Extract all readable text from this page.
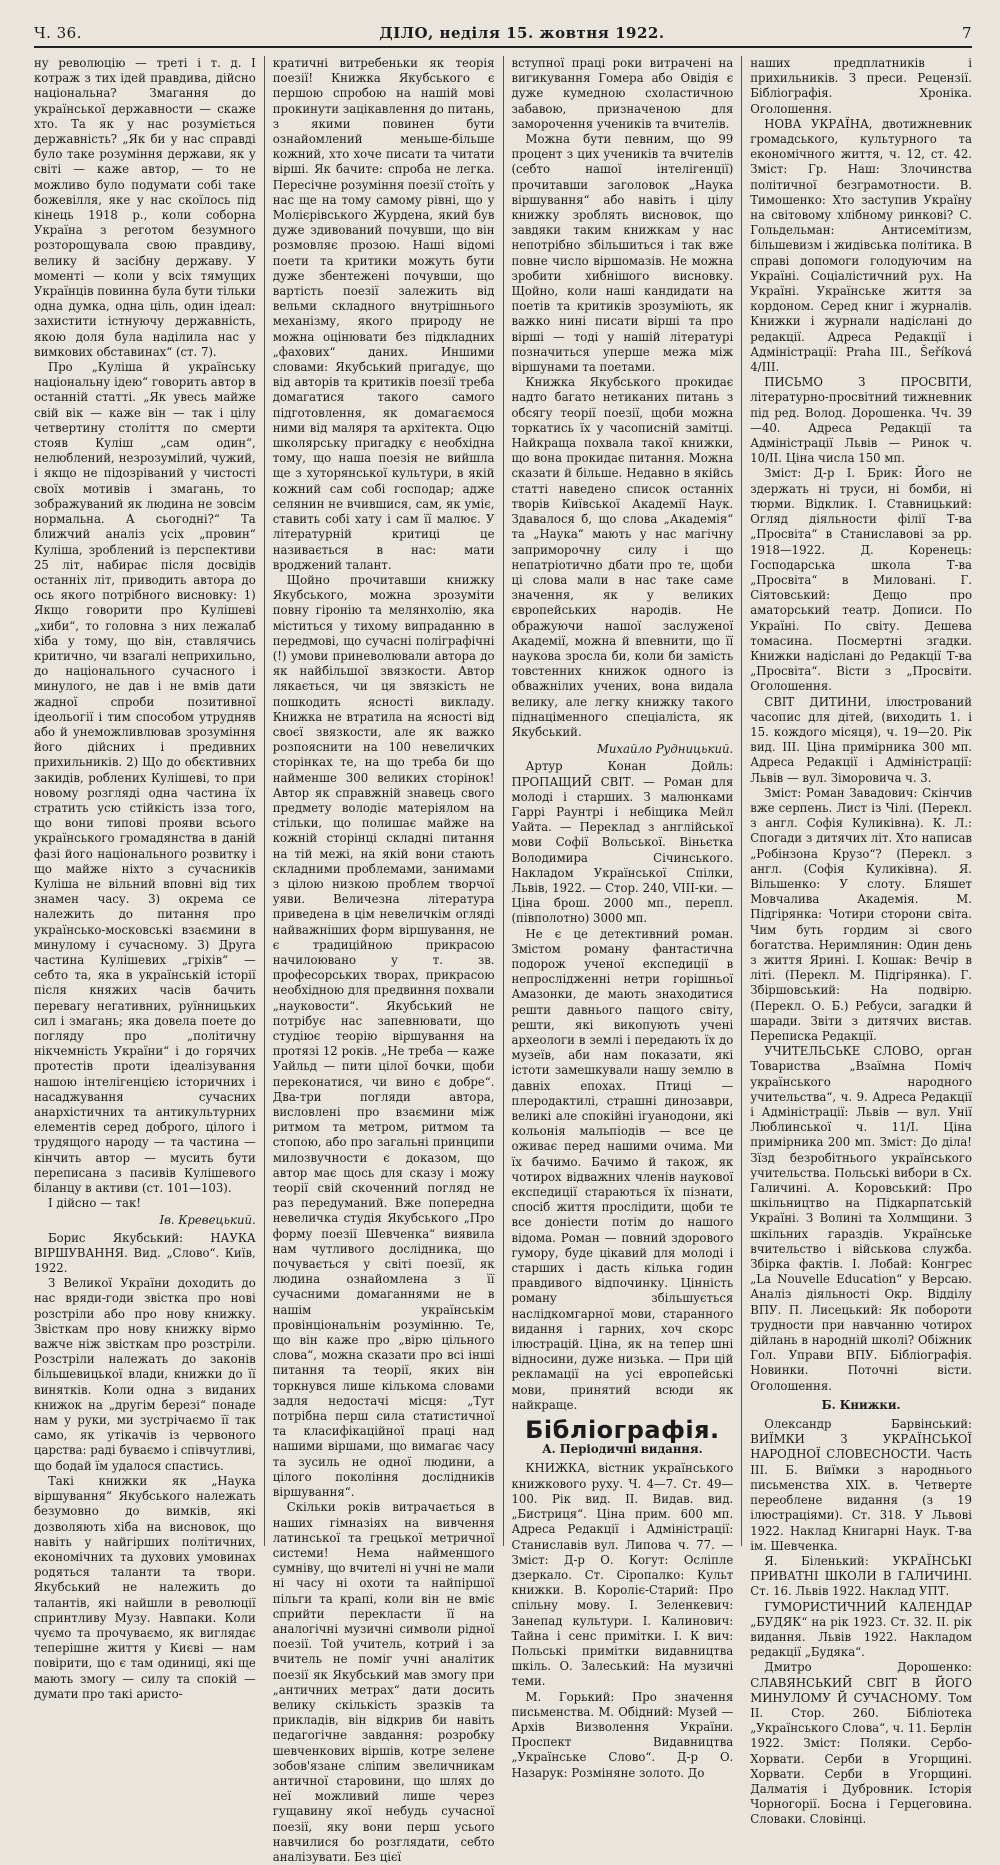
Ч. 36.	ДІЛО, неділя 15. жовтня 1922.	7

ну революцію — треті і т. д. І котраж з тих ідей правдива, дійсно національна? Змагання до української державности — скаже хто. Та як у нас розуміється державність? „Як би у нас справді було таке розуміння держави, як у світі — каже автор, — то не можливо було подумати собі таке божевілля, яке у нас скоїлось під кінець 1918 р., коли соборна Україна з реготом безумного розторощувала свою правдиву, велику й засібну державу. У моменті — коли у всіх тямущих Українців повинна була бути тільки одна думка, одна ціль, один ідеал: захистити істнуючу державність, якою доля була наділила нас у вимкових обставинах“ (ст. 7).

Про „Куліша й українську національну ідею“ говорить автор в останній статті. „Як увесь майже свій вік — каже він — так і цілу четвертину століття по смерти стояв Куліш „сам один“, нелюблений, незрозумілий, чужий, і якщо не підозріваний у чистості своїх мотивів і змагань, то зображуваний як людина не зовсім нормальна. А сьогодні?“ Та ближчий аналіз усіх „провин“ Куліша, зроблений із перспективи 25 літ, набирає після досвідів останніх літ, приводить автора до ось якого потрібного висновку: 1) Якщо говорити про Кулішеві „хиби“, то головна з них лежалаб хіба у тому, що він, ставлячись критично, чи взагалі неприхильно, до національного сучасного і минулого, не дав і не вмів дати жадної спроби позитивної ідеольогії і тим способом утрудняв або й унеможливлював зрозуміння його дійсних і предивних прихильників. 2) Що до обєктивних закидів, роблених Кулішеві, то при новому розгляді одна частина їх стратить усю стійкість ізза того, що вони типові прояви всього українського громадянства в даній фазі його національного розвитку і що майже ніхто з сучасників Куліша не вільний вповні від тих знамен часу. 3) окрема се належить до питання про українсько-московські взаємини в минулому і сучасному. 3) Друга частина Кулішевих „гріхів“ — себто та, яка в українській історії після княжих часів бачить перевагу негативних, руїнницьких сил і змагань; яка довела поете до погляду про „політичну нікчемність України“ і до горячих протестів проти ідеалізування нашою інтелігенцією історичних і насаджування сучасних анархістичних та антикультурних елементів серед доброго, цілого і трудящого народу — та частина — кінчить автор — мусить бути переписана з пасивів Кулішевого біланцу в активи (ст. 101—103).

І дійсно — так!

Ів. Кревецький.

Борис Якубський: НАУКА ВІРШУВАННЯ. Вид. „Слово“. Київ, 1922.

З Великої України доходить до нас вряди-годи звістка про нові розстріли або про нову книжку. Звісткам про нову книжку вірмо важче ніж звісткам про розстріли. Розстріли належать до законів більшевицької влади, книжки до її винятків. Коли одна з виданих книжок на „другім березі“ понаде нам у руки, ми зустрічаємо її так само, як утікачів із червоного царства: раді буваємо і співчутливі, що бодай їм удалося спастись.

Такі книжки як „Наука віршування“ Якубського належать безумовно до вимків, які дозволяють хіба на висновок, що навіть у найгірших політичних, економічних та духових умовинах родяться таланти та твори. Якубський не належить до талантів, які найшли в революції спринтливу Музу. Навпаки. Коли чуємо та прочуваємо, як виглядає теперішне життя у Києві — нам повірити, що є там одиниці, які ще мають змогу — силу та спокій — думати про такі аристо-

кратичні витребеньки як теорія поезії! Книжка Якубського є першою спробою на нашій мові прокинути зацікавлення до питань, з якими повинен бути ознайомлений меньше-більше кожний, хто хоче писати та читати вірші. Як бачите: спроба не легка. Пересічне розуміння поезії стоїть у нас ще на тому самому рівні, що у Молієрівського Журдена, який був дуже здивований почувши, що він розмовляє прозою. Наші відомі поети та критики можуть бути дуже збентежені почувши, що вартість поезії залежить від вельми складного внутрішнього механізму, якого природу не можна оцінювати без підкладних „фахових“ даних. Иншими словами: Якубський пригадує, що від авторів та критиків поезії треба домагатися такого самого підготовлення, як домагаємося ними від маляря та архітекта. Оцю школярську пригадку є необхідна тому, що наша поезія не вийшла ще з хуторянської культури, в якій кожний сам собі господар; адже селянин не вчившися, сам, як уміє, ставить собі хату і сам її малює. У літературній критиці це називається в нас: мати вроджений талант.

Щойно прочитавши книжку Якубського, можна зрозуміти повну гіронію та мелянхолію, яка міститься у тихому випраданню в передмові, що сучасні поліграфічні (!) умови приневолювали автора до як найбільшої звязкости. Автор лякається, чи ця звязкість не пошкодить ясності викладу. Книжка не втратила на ясності від своєї звязкости, але як важко розпояснити на 100 невеличких сторінках те, на що треба би що найменше 300 великих сторінок! Автор як справжній знавець свого предмету володіє матеріялом на стільки, що полишає майже на кожній сторінці складні питання на тій межі, на якій вони стають складними проблемами, занимами з цілою низкою проблем творчої уяви. Величезна література приведена в цім невеличкім огляді найважніших форм віршування, не є традиційною прикрасою начилоювано у т. зв. професорських творах, прикрасою необхідною для предвиння похвали „науковости“. Якубський не потрібує нас запевнювати, що студіює теорію віршування на протязі 12 років. „Не треба — каже Уайльд — пити цілої бочки, щоби переконатися, чи вино є добре“. Два-три погляди автора, висловлені про взаємини між ритмом та метром, ритмом та стопою, або про загальні принципи милозвучности є доказом, що автор має щось для сказу і можу теорії свій скоченний погляд не раз передуманий. Вже попередна невеличка студія Якубського „Про форму поезії Шевченка“ виявила нам чутливого дослідника, що почувається у світі поезії, як людина ознайомлена з її сучасними домаганнями не в нашім українськім провінціональнім розумінню. Те, що він каже про „вірю цільного слова“, можна сказати про всі інші питання та теорії, яких він торкнувся лише кількома словами задля недостачі місця: „Тут потрібна перш сила статистичної та класифікаційної праці над нашими віршами, що вимагає часу та зусиль не одної людини, а цілого покоління дослідників віршування“.

Скільки років витрачається в наших гімназіях на вивчення латинської та грецької метричної системи! Нема найменшого сумніву, що вчителі ні учні не мали ні часу ні охоти та найпіршої пільги та крапі, коли він не вміє сприйти перекласти її на аналогічні музичні символи рідної поезії. Той учитель, котрий і за вчитель не поміг учні аналітик поезії як Якубський мав змогу при „античних метрах“ дати досить велику скількість зразків та прикладів, він відкрив би навіть педагогічне завдання: розробку шевченкових віршів, котре зелене зобов'язане сліпим звеличникам античної старовини, що шлях до неї можливий лише через гущавину якої небудь сучасної поезії, яку вони перш усього навчилися бо розглядати, себто аналізувати. Без цієї

вступної праці роки витрачені на вигикування Гомера або Овідія є дуже кумедною схоластичною забавою, призначеною для заморочення учеників та вчителів.

Можна бути певним, що 99 процент з цих учеників та вчителів (себто нашої інтелігенції) прочитавши заголовок „Наука віршування“ або навіть і цілу книжку зроблять висновок, що завдяки таким книжкам у нас непотрібно збільшиться і так вже повне число віршомазів. Не можна зробити хибнішого висновку. Щойно, коли наші кандидати на поетів та критиків зрозуміють, як важко нині писати вірші та про вірші — тоді у нашій літературі позначиться уперше межа між віршунами та поетами.

Книжка Якубського прокидає надто багато нетиканих питань з обсягу теорії поезії, щоби можна торкатись їх у часописній замітці. Найкраща похвала такої книжки, що вона прокидає питання. Можна сказати й більше. Недавно в якійсь статті наведено список останніх творів Київської Академії Наук. Здавалося б, що слова „Академія“ та „Наука“ мають у нас магічну заприморочну силу і що непатріотично дбати про те, щоби ці слова мали в нас таке саме значення, як у великих європейських народів. Не ображуючи нашої заслуженої Академії, можна й впевнити, що її наукова зросла би, коли би замість товстенних книжок одного із обважнілих учених, вона видала велику, але легку книжку такого піднаціменного спеціаліста, як Якубський.

Михайло Рудницький.

Артур Конан Дойль: ПРОПАЩИЙ СВІТ. — Роман для молоді і старших. З малюнками Гаррі Раунтрі і небіщика Мейл Уайта. — Переклад з англійської мови Софії Вольської. Віньєтка Володимира Січинського. Накладом Української Спілки, Львів, 1922. — Стор. 240, VIII-ки. — Ціна брош. 2000 мп., перепл. (півполотно) 3000 мп.

Не є це детективний роман. Змістом роману фантастична подорож ученої експедиції в непрослідженні нетри горішньої Амазонки, де мають знаходитися решти давнього пащого світу, решти, які викопують учені археологи в землі і передають їх до музеїв, аби нам показати, які істоти замешкували нашу землю в давніх епохах. Птиці — плеродактилі, страшні динозаври, великі але спокійні ігуанодони, які кольонія мальпіодів — все це оживає перед нашими очима. Ми їх бачимо. Бачимо й також, як чотирох відважних членів наукової експедиції стараються їх пізнати, спосіб життя прослідити, щоби те все доніести потім до нашого відома. Роман — повний здорового гумору, буде цікавий для молоді і старших і дасть кілька годин правдивого відпочинку. Цінність роману збільшується наслідкомгарної мови, старанного видання і гарних, хоч скорс ілюстрацій. Ціна, як на тепер шні відносини, дуже низька. — При цій рекламації на усі европейські мови, принятий всюди як найкраще.

Бібліографія.
А. Періодичні видання.

КНИЖКА, вістник українського книжкового руху. Ч. 4—7. Ст. 49—100. Рік вид. II. Видав. вид. „Бистриця“. Ціна прим. 600 мп. Адреса Редакції і Адміністрації: Станиславів вул. Липова ч. 77. — Зміст: Д-р О. Когут: Осліпле дзеркало. Ст. Сіропалко: Культ книжки. В. Короліє-Старий: Про спільну мову. І. Зеленкевич: Занепад культури. І. Калинович: Тайна і сенс примітки. І. К вич: Польські примітки видавництва шкіль. О. Залеський: На музичні теми.

М. Горький: Про значення письменства. М. Обідний: Музей — Архів Визволення України. Проспект Видавництва „Українське Слово“. Д-р О. Назарук: Розміняне золото. До

наших предплатників і прихильників. З преси. Рецензії. Бібліографія. Хроніка. Оголошення.

НОВА УКРАЇНА, двотижневник громадського, культурного та економічного життя, ч. 12, ст. 42. Зміст: Гр. Наш: Злочинства політичної безграмотности. В. Тимошенко: Хто заступив Україну на світовому хлібному ринкові? С. Гольдельман: Антисемітизм, більшевизм і жидівська політика. В справі допомоги голодуючим на Україні. Соціалістичний рух. На Україні. Українське життя за кордоном. Серед книг і журналів. Книжки і журнали надіслані до редакції. Адреса Редакції і Адміністрації: Praha III., Šeříková 4/III.

ПИСЬМО З ПРОСВІТИ, літературно-просвітний тижневник під ред. Волод. Дорошенка. Чч. 39—40. Адреса Редакції та Адміністрації Львів — Ринок ч. 10/II. Ціна числа 150 мп.

Зміст: Д-р І. Брик: Його не здержать ні труси, ні бомби, ні тюрми. Відклик. І. Ставницький: Огляд діяльности філії Т-ва „Просвіта“ в Станиславові за рр. 1918—1922. Д. Коренець: Господарська школа Т-ва „Просвіта“ в Миловані. Г. Сіятовський: Дещо про аматорський театр. Дописи. По Україні. По світу. Дешева томасина. Посмертні згадки. Книжки надіслані до Редакції Т-ва „Просвіта“. Вісти з „Просвіти. Оголошення.

СВІТ ДИТИНИ, ілюстрований часопис для дітей, (виходить 1. і 15. кождого місяця), ч. 19—20. Рік вид. III. Ціна примірника 300 мп. Адреса Редакції і Адміністрації: Львів — вул. Зіморовича ч. 3.

Зміст: Роман Завадович: Скінчив вже серпень. Лист із Чілі. (Перекл. з англ. Софія Куликівна). К. Л.: Спогади з дитячих літ. Хто написав „Робінзона Крузо“? (Перекл. з англ. (Софія Куликівна). Я. Вільшенко: У слоту. Бляшет Мовчалива Академія. М. Підгірянка: Чотири сторони світа. Чим буть гордим зі свого богатства. Неримлянин: Один день з життя Ярині. І. Кошак: Вечір в літі. (Перекл. М. Підгірянка). Г. Збіршовський: На подвірю. (Перекл. О. Б.) Ребуси, загадки й шаради. Звіти з дитячих вистав. Переписка Редакції.

УЧИТЕЛЬСЬКЕ СЛОВО, орган Товариства „Взаїмна Поміч українського народного учительства“, ч. 9. Адреса Редакції і Адміністрації: Львів — вул. Унії Люблинської ч. 11/І. Ціна примірника 200 мп. Зміст: До діла! Зїзд безробітнього українського учительства. Польські вибори в Сх. Галичині. А. Коровський: Про шкільництво на Підкарпатській Україні. З Волині та Холмщини. З шкільних гараздів. Українське вчительство і військова служба. Збірка фактів. І. Лобай: Конгрес „La Nouvelle Education“ у Версаю. Аналіз діяльності Окр. Відділу ВПУ. П. Лисецький: Як побороти трудности при навчанню чотирох дійлань в народній школі? Обіжник Гол. Управи ВПУ. Бібліографія. Новинки. Поточні вісти. Оголошення.

Б. Книжки.

Олександр Барвінський: ВИЇМКИ З УКРАЇНСЬКОЇ НАРОДНОЇ СЛОВЕСНОСТИ. Часть III. Б. Виїмки з народнього письменства XIX. в. Четверте переоблене видання (з 19 ілюстраціями). Ст. 318. У Львові 1922. Наклад Книгарні Наук. Т-ва ім. Шевченка.

Я. Біленький: УКРАЇНСЬКІ ПРИВАТНІ ШКОЛИ В ГАЛИЧИНІ. Ст. 16. Львів 1922. Наклад УПТ.

ГУМОРИСТИЧНИЙ КАЛЕНДАР „БУДЯК“ на рік 1923. Ст. 32. II. рік видання. Львів 1922. Накладом редакції „Будяка“.

Дмитро Дорошенко: СЛАВЯНСЬКИЙ СВІТ В ЙОГО МИНУЛОМУ Й СУЧАСНОМУ. Том II. Стор. 260. Бібліотека „Українського Слова“, ч. 11. Берлін 1922. Зміст: Поляки. Сербо-Хорвати. Серби в Угорщині. Хорвати. Серби в Угорщині. Далматія і Дубровник. Історія Чорногорії. Босна і Герцеговина. Словаки. Словінці.
